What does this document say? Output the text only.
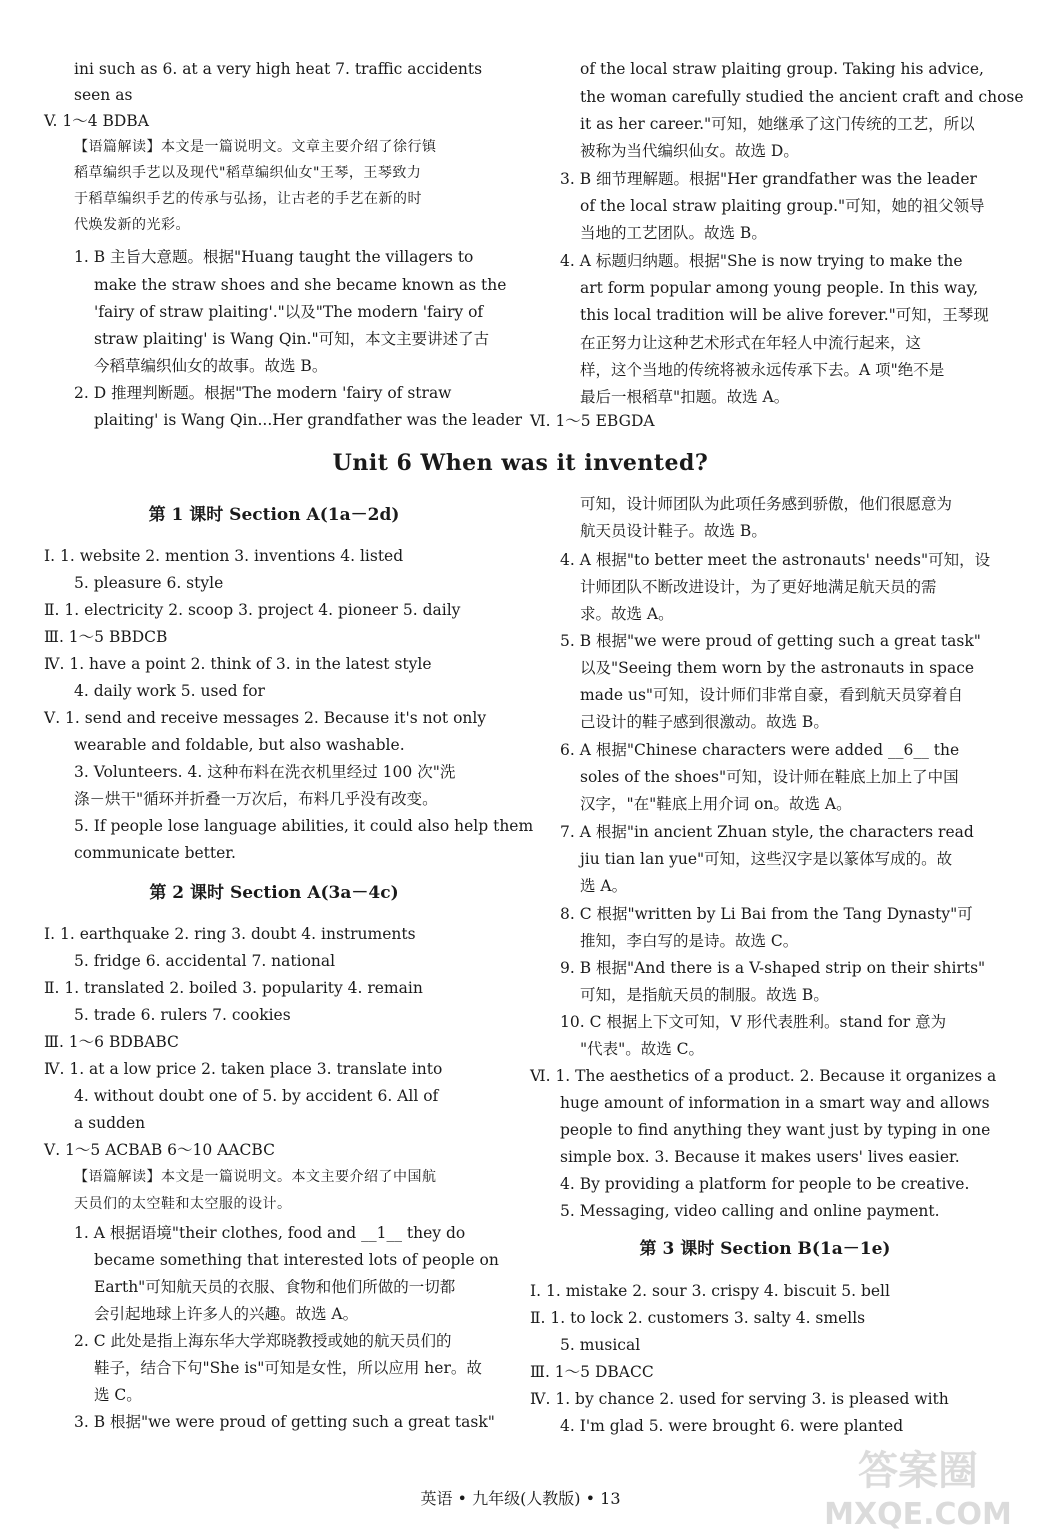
ini such as 6. at a very high heat 7. traffic accidents
seen as
V. 1～4 BDBA
【语篇解读】本文是一篇说明文。文章主要介绍了徐行镇
稻草编织手艺以及现代"稻草编织仙女"王琴，王琴致力
于稻草编织手艺的传承与弘扬，让古老的手艺在新的时
代焕发新的光彩。
1. B 主旨大意题。根据"Huang taught the villagers to
make the straw shoes and she became known as the
'fairy of straw plaiting'."以及"The modern 'fairy of
straw plaiting' is Wang Qin."可知，本文主要讲述了古
今稻草编织仙女的故事。故选 B。
2. D 推理判断题。根据"The modern 'fairy of straw
plaiting' is Wang Qin...Her grandfather was the leader
of the local straw plaiting group. Taking his advice,
the woman carefully studied the ancient craft and chose
it as her career."可知，她继承了这门传统的工艺，所以
被称为当代编织仙女。故选 D。
3. B 细节理解题。根据"Her grandfather was the leader
of the local straw plaiting group."可知，她的祖父领导
当地的工艺团队。故选 B。
4. A 标题归纳题。根据"She is now trying to make the
art form popular among young people. In this way,
this local tradition will be alive forever."可知，王琴现
在正努力让这种艺术形式在年轻人中流行起来，这
样，这个当地的传统将被永远传承下去。A 项"绝不是
最后一根稻草"扣题。故选 A。
Ⅵ. 1～5 EBGDA
Unit 6 When was it invented?
第 1 课时 Section A(1a－2d)
Ⅰ. 1. website 2. mention 3. inventions 4. listed
5. pleasure 6. style
Ⅱ. 1. electricity 2. scoop 3. project 4. pioneer 5. daily
Ⅲ. 1～5 BBDCB
Ⅳ. 1. have a point 2. think of 3. in the latest style
4. daily work 5. used for
Ⅴ. 1. send and receive messages 2. Because it's not only
wearable and foldable, but also washable.
3. Volunteers. 4. 这种布料在洗衣机里经过 100 次"洗
涤－烘干"循环并折叠一万次后，布料几乎没有改变。
5. If people lose language abilities, it could also help them
communicate better.
第 2 课时 Section A(3a－4c)
Ⅰ. 1. earthquake 2. ring 3. doubt 4. instruments
5. fridge 6. accidental 7. national
Ⅱ. 1. translated 2. boiled 3. popularity 4. remain
5. trade 6. rulers 7. cookies
Ⅲ. 1～6 BDBABC
Ⅳ. 1. at a low price 2. taken place 3. translate into
4. without doubt one of 5. by accident 6. All of
a sudden
Ⅴ. 1～5 ACBAB 6～10 AACBC
【语篇解读】本文是一篇说明文。本文主要介绍了中国航
天员们的太空鞋和太空服的设计。
1. A 根据语境"their clothes, food and __1__ they do
became something that interested lots of people on
Earth"可知航天员的衣服、食物和他们所做的一切都
会引起地球上许多人的兴趣。故选 A。
2. C 此处是指上海东华大学郑晓教授或她的航天员们的
鞋子，结合下句"She is"可知是女性，所以应用 her。故
选 C。
3. B 根据"we were proud of getting such a great task"
可知，设计师团队为此项任务感到骄傲，他们很愿意为
航天员设计鞋子。故选 B。
4. A 根据"to better meet the astronauts' needs"可知，设
计师团队不断改进设计，为了更好地满足航天员的需
求。故选 A。
5. B 根据"we were proud of getting such a great task"
以及"Seeing them worn by the astronauts in space
made us"可知，设计师们非常自豪，看到航天员穿着自
己设计的鞋子感到很激动。故选 B。
6. A 根据"Chinese characters were added __6__ the
soles of the shoes"可知，设计师在鞋底上加上了中国
汉字，"在"鞋底上用介词 on。故选 A。
7. A 根据"in ancient Zhuan style, the characters read
jiu tian lan yue"可知，这些汉字是以篆体写成的。故
选 A。
8. C 根据"written by Li Bai from the Tang Dynasty"可
推知，李白写的是诗。故选 C。
9. B 根据"And there is a V-shaped strip on their shirts"
可知，是指航天员的制服。故选 B。
10. C 根据上下文可知，V 形代表胜利。stand for 意为
"代表"。故选 C。
Ⅵ. 1. The aesthetics of a product. 2. Because it organizes a
huge amount of information in a smart way and allows
people to find anything they want just by typing in one
simple box. 3. Because it makes users' lives easier.
4. By providing a platform for people to be creative.
5. Messaging, video calling and online payment.
第 3 课时 Section B(1a－1e)
Ⅰ. 1. mistake 2. sour 3. crispy 4. biscuit 5. bell
Ⅱ. 1. to lock 2. customers 3. salty 4. smells
5. musical
Ⅲ. 1～5 DBACC
Ⅳ. 1. by chance 2. used for serving 3. is pleased with
4. I'm glad 5. were brought 6. were planted
英语 • 九年级(人教版) • 13
答案圈
MXQE.COM
